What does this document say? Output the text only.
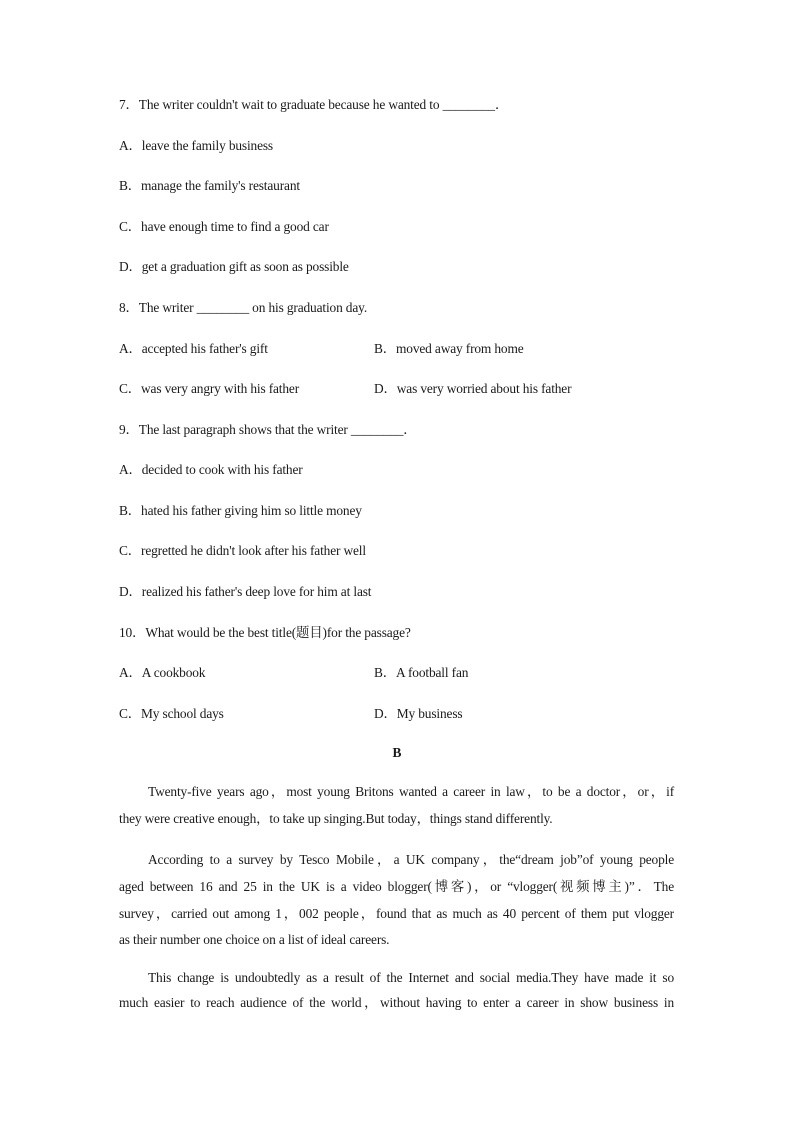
7．The writer couldn't wait to graduate because he wanted to ________．
A．leave the family business
B．manage the family's restaurant
C．have enough time to find a good car
D．get a graduation gift as soon as possible
8．The writer ________ on his graduation day.
A．accepted his father's gift	B．moved away from home
C．was very angry with his father	D．was very worried about his father
9．The last paragraph shows that the writer ________．
A．decided to cook with his father
B．hated his father giving him so little money
C．regretted he didn't look after his father well
D．realized his father's deep love for him at last
10．What would be the best title(题目)for the passage?
A．A cookbook	B．A football fan
C．My school days	D．My business
B
Twenty-five years ago，most young Britons wanted a career in law，to be a doctor，or，if
they were creative enough，to take up singing.But today，things stand differently.
According to a survey by Tesco Mobile，a UK company，the“dream job”of young people
aged between 16 and 25 in the UK is a video blogger(博客)，or “vlogger(视频博主)”．The
survey，carried out among 1，002 people，found that as much as 40 percent of them put vlogger
as their number one choice on a list of ideal careers.
This change is undoubtedly as a result of the Internet and social media.They have made it so
much easier to reach audience of the world，without having to enter a career in show business in
